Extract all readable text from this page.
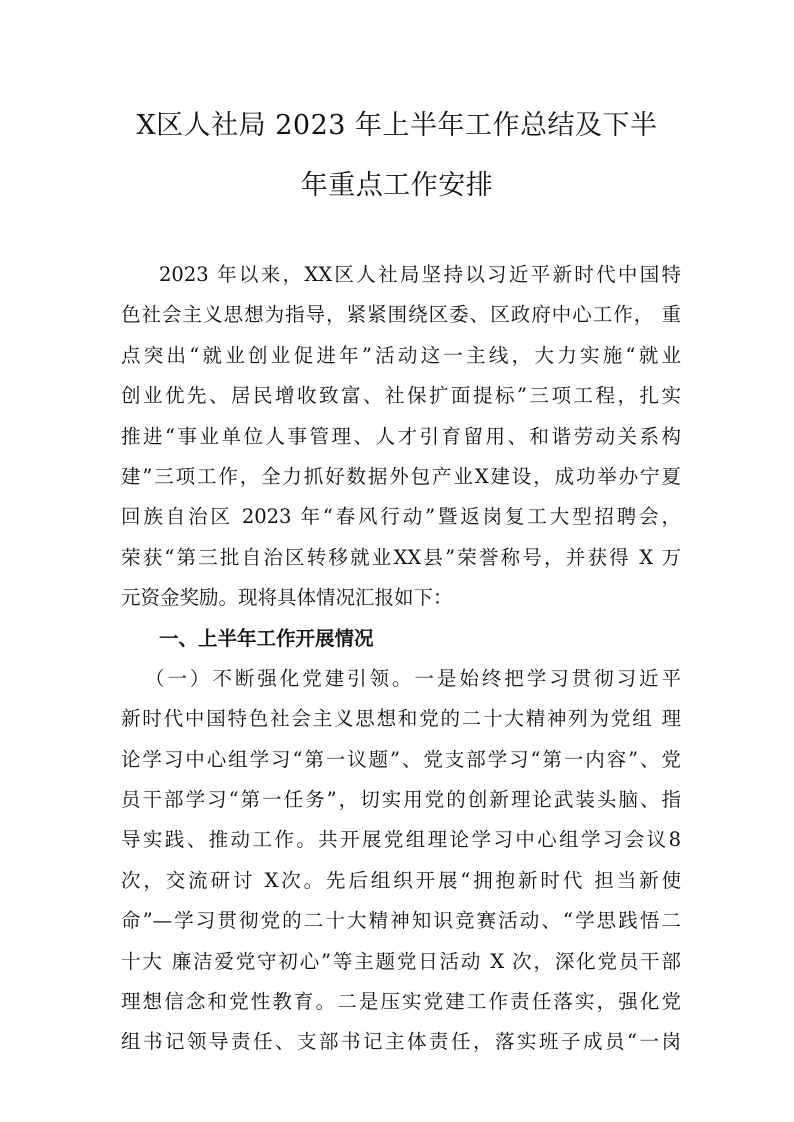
X区人社局 2023 年上半年工作总结及下半
年重点工作安排
2023 年以来，XX区人社局坚持以习近平新时代中国特
色社会主义思想为指导，紧紧围绕区委、区政府中心工作， 重
点突出“就业创业促进年”活动这一主线，大力实施“就业
创业优先、居民增收致富、社保扩面提标”三项工程，扎实
推进“事业单位人事管理、人才引育留用、和谐劳动关系构
建”三项工作，全力抓好数据外包产业X建设，成功举办宁夏
回族自治区 2023 年“春风行动”暨返岗复工大型招聘会，
荣获“第三批自治区转移就业XX县”荣誉称号，并获得 X 万
元资金奖励。现将具体情况汇报如下：
一、上半年工作开展情况
（一）不断强化党建引领。一是始终把学习贯彻习近平
新时代中国特色社会主义思想和党的二十大精神列为党组 理
论学习中心组学习“第一议题”、党支部学习“第一内容”、党
员干部学习“第一任务”，切实用党的创新理论武装头脑、指
导实践、推动工作。共开展党组理论学习中心组学习会议8
次，交流研讨 X次。先后组织开展“拥抱新时代 担当新使
命”—学习贯彻党的二十大精神知识竞赛活动、“学思践悟二
十大 廉洁爱党守初心”等主题党日活动 X 次，深化党员干部
理想信念和党性教育。二是压实党建工作责任落实，强化党
组书记领导责任、支部书记主体责任，落实班子成员“一岗
